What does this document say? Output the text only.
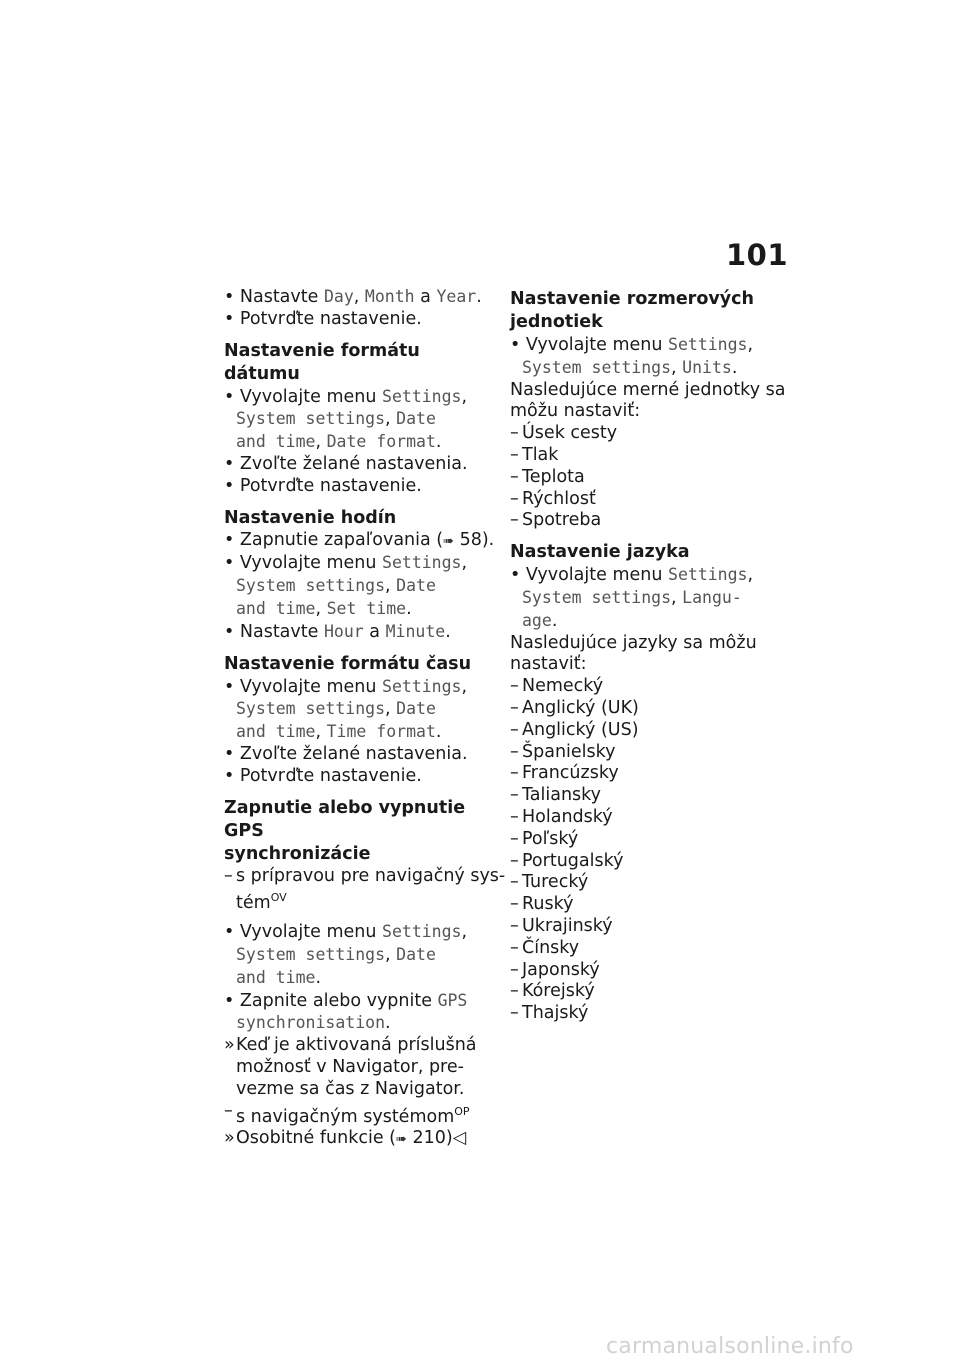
101
• Nastavte Day, Month a Year.
• Potvrďte nastavenie.
Nastavenie formátu dátumu
• Vyvolajte menu Settings,
System settings, Date
and time, Date format.
• Zvoľte želané nastavenia.
• Potvrďte nastavenie.
Nastavenie hodín
• Zapnutie zapaľovania (➠ 58).
• Vyvolajte menu Settings,
System settings, Date
and time, Set time.
• Nastavte Hour a Minute.
Nastavenie formátu času
• Vyvolajte menu Settings,
System settings, Date
and time, Time format.
• Zvoľte želané nastavenia.
• Potvrďte nastavenie.
Zapnutie alebo vypnutie GPS
synchronizácie
– s prípravou pre navigačný sys-
tém$^{OV}$
• Vyvolajte menu Settings,
System settings, Date
and time.
• Zapnite alebo vypnite GPS
synchronisation.
» Keď je aktivovaná príslušná
možnosť v Navigator, pre-
vezme sa čas z Navigator.
– s navigačným systémom$^{OP}$
» Osobitné funkcie (➠ 210)◁
Nastavenie rozmerových
jednotiek
• Vyvolajte menu Settings,
System settings, Units.
Nasledujúce merné jednotky sa
môžu nastaviť:
– Úsek cesty
– Tlak
– Teplota
– Rýchlosť
– Spotreba
Nastavenie jazyka
• Vyvolajte menu Settings,
System settings, Langu-
age.
Nasledujúce jazyky sa môžu
nastaviť:
– Nemecký
– Anglický (UK)
– Anglický (US)
– Španielsky
– Francúzsky
– Taliansky
– Holandský
– Poľský
– Portugalský
– Turecký
– Ruský
– Ukrajinský
– Čínsky
– Japonský
– Kórejský
– Thajský
carmanualsonline.info
